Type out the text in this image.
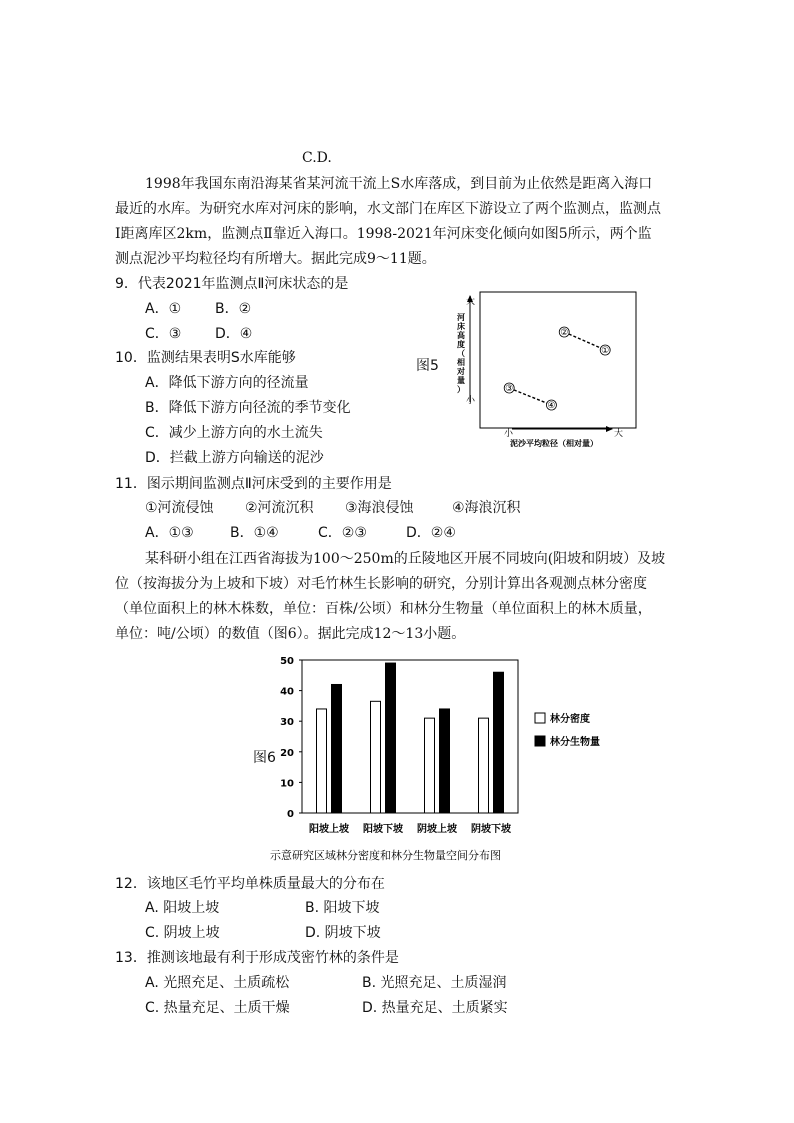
C.D.
1998年我国东南沿海某省某河流干流上S水库落成，到目前为止依然是距离入海口
最近的水库。为研究水库对河床的影响，水文部门在库区下游设立了两个监测点，监测点
Ⅰ距离库区2km，监测点Ⅱ靠近入海口。1998-2021年河床变化倾向如图5所示，两个监
测点泥沙平均粒径均有所增大。据此完成9～11题。
9．代表2021年监测点Ⅱ河床状态的是
A．① B．②
C．③ D．④
10．监测结果表明S水库能够
A．降低下游方向的径流量
B．降低下游方向径流的季节变化
C．减少上游方向的水土流失
D．拦截上游方向输送的泥沙
图5
大
小
河床高度（相对量）
小	大
泥沙平均粒径（相对量）
②
①
③
④
11．图示期间监测点Ⅱ河床受到的主要作用是
①河流侵蚀 ②河流沉积 ③海浪侵蚀	④海浪沉积
A．①③	B．①④	C．②③	D．②④
某科研小组在江西省海拔为100～250m的丘陵地区开展不同坡向(阳坡和阴坡）及坡
位（按海拔分为上坡和下坡）对毛竹林生长影响的研究，分别计算出各观测点林分密度
（单位面积上的林木株数，单位：百株/公顷）和林分生物量（单位面积上的林木质量，
单位：吨/公顷）的数值（图6）。据此完成12～13小题。
图6
0
10
20
30
40
50
阳坡上坡 阳坡下坡 阴坡上坡 阴坡下坡
林分密度
林分生物量
示意研究区域林分密度和林分生物量空间分布图
12．该地区毛竹平均单株质量最大的分布在
A. 阳坡上坡	B. 阳坡下坡
C. 阴坡上坡	D. 阴坡下坡
13．推测该地最有利于形成茂密竹林的条件是
A. 光照充足、土质疏松	B. 光照充足、土质湿润
C. 热量充足、土质干燥	D. 热量充足、土质紧实
